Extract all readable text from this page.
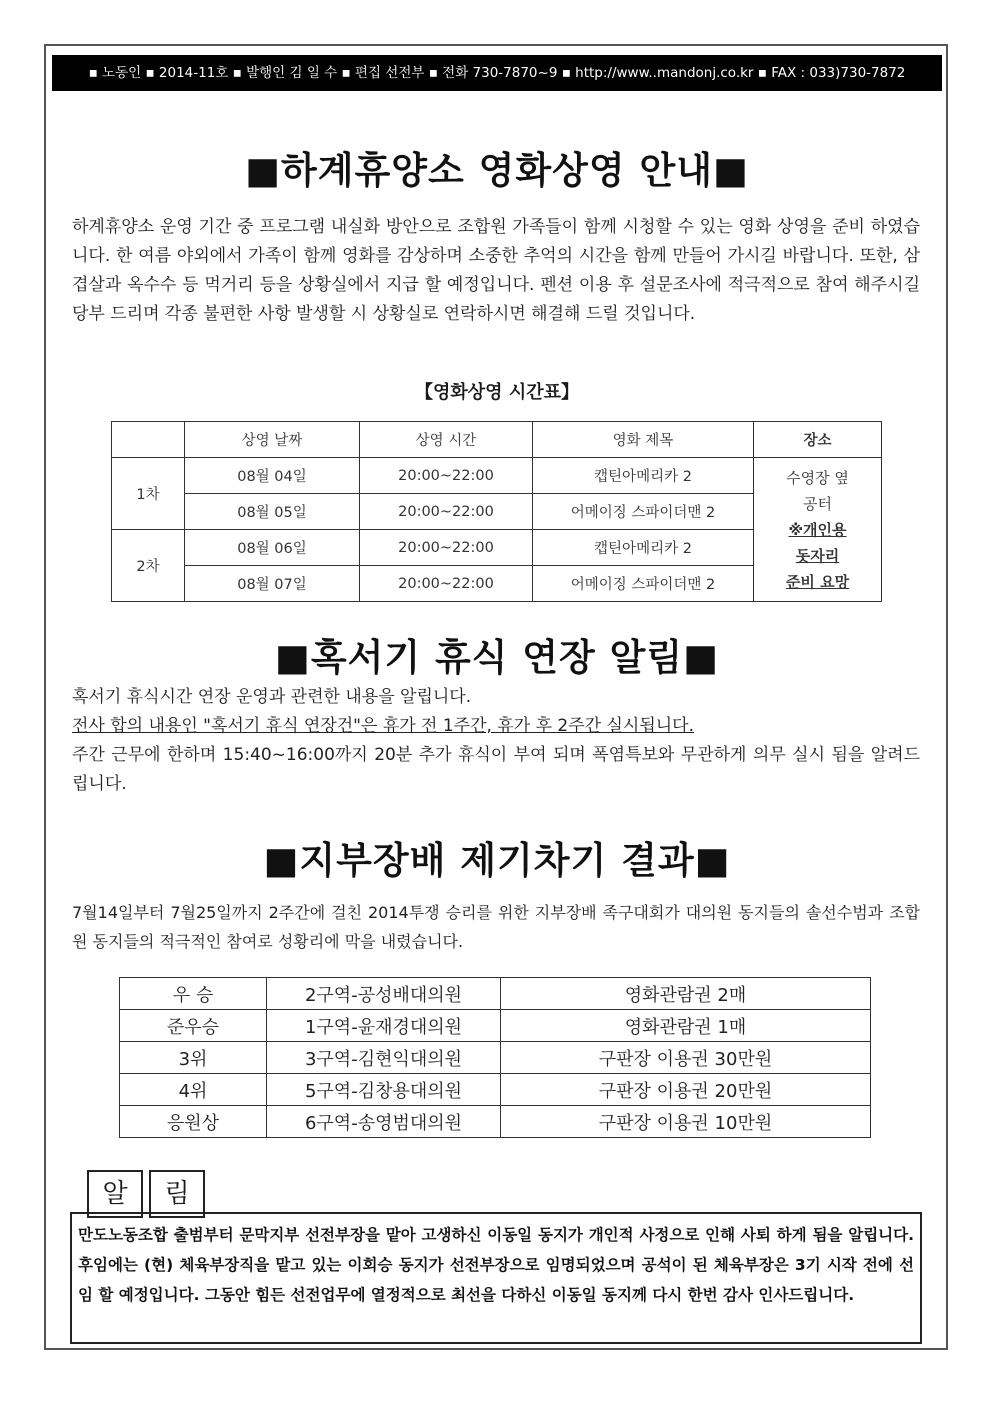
▪ 노동인 ▪ 2014-11호 ▪ 발행인 김 일 수 ▪ 편집 선전부 ▪ 전화 730-7870~9 ▪ http://www..mandonj.co.kr ▪ FAX : 033)730-7872
■하계휴양소 영화상영 안내■

하계휴양소 운영 기간 중 프로그램 내실화 방안으로 조합원 가족들이 함께 시청할 수 있는 영화 상영을 준비 하였습니다. 한 여름 야외에서 가족이 함께 영화를 감상하며 소중한 추억의 시간을 함께 만들어 가시길 바랍니다. 또한, 삼겹살과 옥수수 등 먹거리 등을 상황실에서 지급 할 예정입니다. 펜션 이용 후 설문조사에 적극적으로 참여 해주시길 당부 드리며 각종 불편한 사항 발생할 시 상황실로 연락하시면 해결해 드릴 것입니다.

【영화상영 시간표】
	상영 날짜	상영 시간	영화 제목	장소
1차	08월 04일	20:00~22:00	캡틴아메리카 2	수영장 옆
공터
※개인용
돗자리
준비 요망

	08월 05일	20:00~22:00	어메이징 스파이더맨 2	
2차	08월 06일	20:00~22:00	캡틴아메리카 2	
	08월 07일	20:00~22:00	어메이징 스파이더맨 2	
■혹서기 휴식 연장 알림■

혹서기 휴식시간 연장 운영과 관련한 내용을 알립니다.

전사 합의 내용인 "혹서기 휴식 연장건"은 휴가 전 1주간, 휴가 후 2주간 실시됩니다.

주간 근무에 한하며 15:40~16:00까지 20분 추가 휴식이 부여 되며 폭염특보와 무관하게 의무 실시 됨을 알려드립니다.

■지부장배 제기차기 결과■

7월14일부터 7월25일까지 2주간에 걸친 2014투쟁 승리를 위한 지부장배 족구대회가 대의원 동지들의 솔선수범과 조합원 동지들의 적극적인 참여로 성황리에 막을 내렸습니다.

우 승	2구역-공성배대의원	영화관람권 2매
준우승	1구역-윤재경대의원	영화관람권 1매
3위	3구역-김현익대의원	구판장 이용권 30만원
4위	5구역-김창용대의원	구판장 이용권 20만원
응원상	6구역-송영범대의원	구판장 이용권 10만원
알	림
만도노동조합 출범부터 문막지부 선전부장을 맡아 고생하신 이동일 동지가 개인적 사정으로 인해 사퇴 하게 됨을 알립니다. 후임에는 (현) 체육부장직을 맡고 있는 이회승 동지가 선전부장으로 임명되었으며 공석이 된 체육부장은 3기 시작 전에 선임 할 예정입니다. 그동안 힘든 선전업무에 열정적으로 최선을 다하신 이동일 동지께 다시 한번 감사 인사드립니다.
